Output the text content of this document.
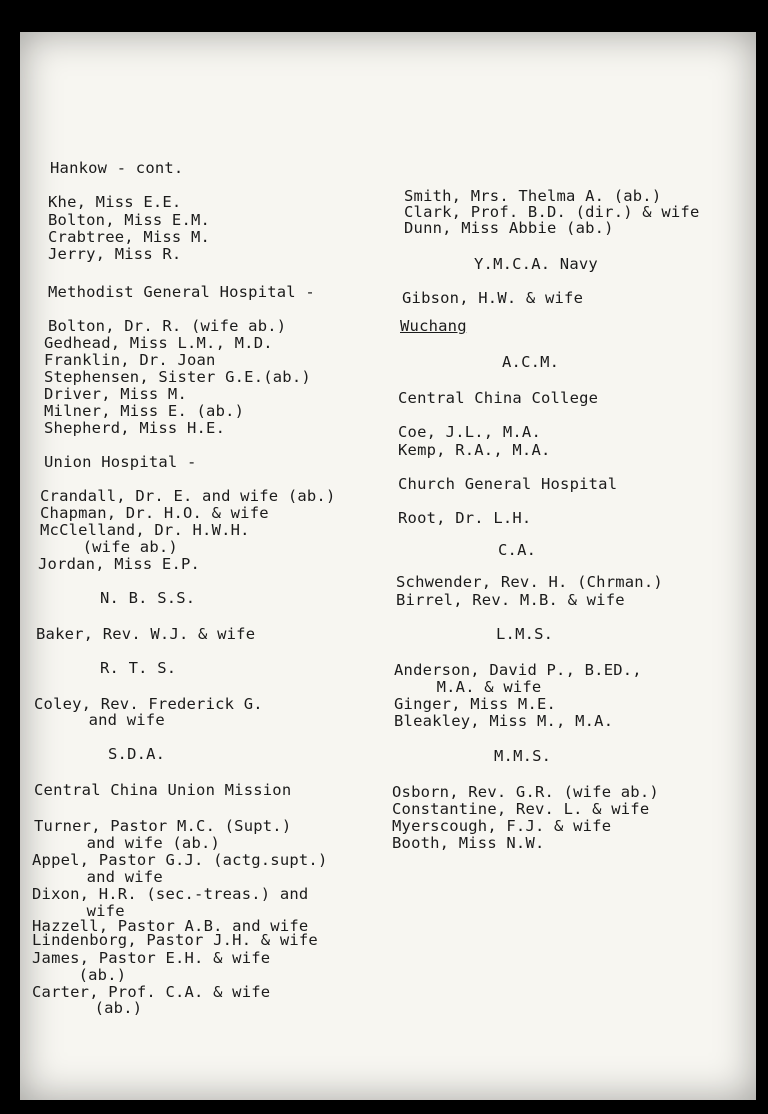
Hankow - cont.
Khe, Miss E.E.
Bolton, Miss E.M.
Crabtree, Miss M.
Jerry, Miss R.
Methodist General Hospital -
Bolton, Dr. R. (wife ab.)
Gedhead, Miss L.M., M.D.
Franklin, Dr. Joan
Stephensen, Sister G.E.(ab.)
Driver, Miss M.
Milner, Miss E. (ab.)
Shepherd, Miss H.E.
Union Hospital -
Crandall, Dr. E. and wife (ab.)
Chapman, Dr. H.O. & wife
McClelland, Dr. H.W.H.
(wife ab.)
Jordan, Miss E.P.
N. B. S.S.
Baker, Rev. W.J. & wife
R. T. S.
Coley, Rev. Frederick G.
and wife
S.D.A.
Central China Union Mission
Turner, Pastor M.C. (Supt.)
and wife (ab.)
Appel, Pastor G.J. (actg.supt.)
and wife
Dixon, H.R. (sec.-treas.) and
wife
Hazzell, Pastor A.B. and wife
Lindenborg, Pastor J.H. & wife
James, Pastor E.H. & wife
(ab.)
Carter, Prof. C.A. & wife
(ab.)
Smith, Mrs. Thelma A. (ab.)
Clark, Prof. B.D. (dir.) & wife
Dunn, Miss Abbie (ab.)
Y.M.C.A. Navy
Gibson, H.W. & wife
Wuchang
A.C.M.
Central China College
Coe, J.L., M.A.
Kemp, R.A., M.A.
Church General Hospital
Root, Dr. L.H.
C.A.
Schwender, Rev. H. (Chrman.)
Birrel, Rev. M.B. & wife
L.M.S.
Anderson, David P., B.ED.,
M.A. & wife
Ginger, Miss M.E.
Bleakley, Miss M., M.A.
M.M.S.
Osborn, Rev. G.R. (wife ab.)
Constantine, Rev. L. & wife
Myerscough, F.J. & wife
Booth, Miss N.W.
